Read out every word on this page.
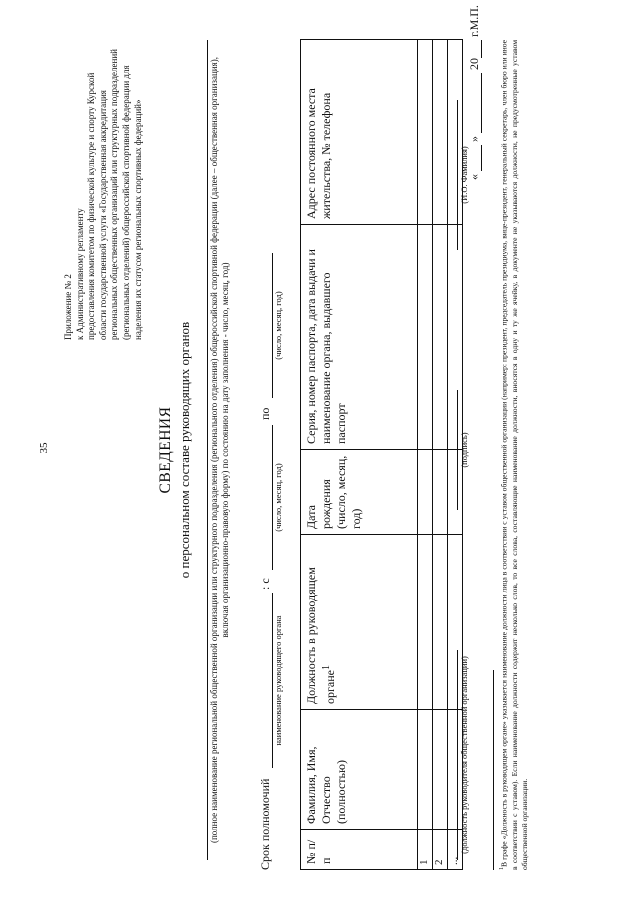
35
Приложение № 2 к Административному регламенту предоставления комитетом по физической культуре и спорту Курской области государственной услуги «Государственная аккредитация региональных общественных организаций или структурных подразделений (региональных отделений) общероссийской спортивной федерации для наделения их статусом региональных спортивных федераций»
СВЕДЕНИЯ о персональном составе руководящих органов (полное наименование региональной общественной организации или структурного подразделения (регионального отделения) общероссийской спортивной федерации (далее – общественная организация), включая организационно-правовую форму) по состоянию на дату заполнения - число, месяц, год)
Срок полномочий
наименование руководящего органа
: с
(число, месяц, год)
по
(число, месяц, год)
№ п/п	Фамилия, Имя, Отчество (полностью)	Должность в руководящем органе$^1$	Дата рождения (число, месяц, год)	Серия, номер паспорта, дата выдачи и наименование органа, выдавшего паспорт	Адрес постоянного места жительства, № телефона
1					
2					
...					
(должность руководителя общественной организации)
(подпись)
(И.О. Фамилия)
«  »  20 г.М.П.
$^1$В графе «Должность в руководящем органе» указывается наименование должности лица в соответствии с уставом общественной организации (например: президент, председатель президиума, вице-президент, генеральный секретарь, член бюро или иное в соответствии с уставом). Если наименование должности содержит несколько слов, то все слова, составляющие наименование должности, вносятся в одну и ту же ячейку, в документе не указываются должности, не предусмотренные уставом общественной организации.
